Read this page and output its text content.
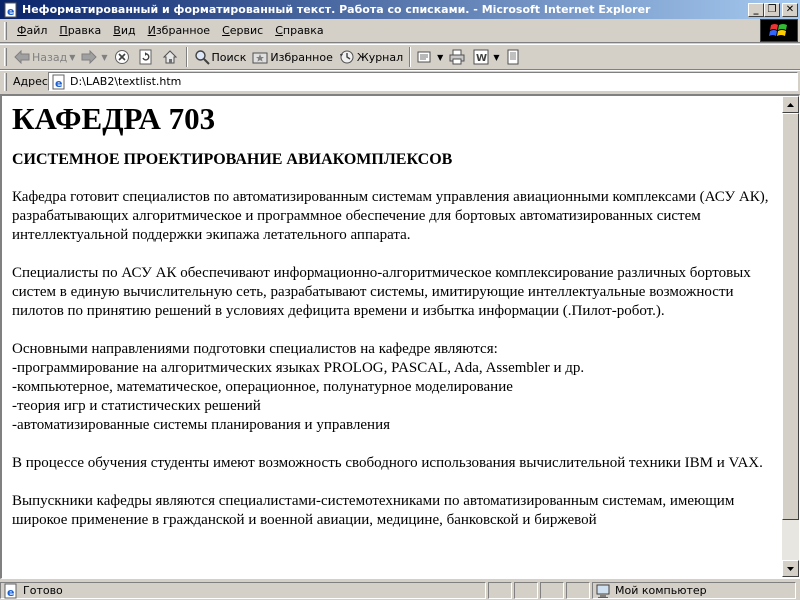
e Неформатированный и форматированный текст. Работа со списками. - Microsoft Internet Explorer	_ ❐ ✕
Файл	Правка	Вид	Избранное	Сервис	Справка
Назад ▼	▼	Поиск Избранное Журнал	▼	W ▼
Адрес e
D:\LAB2\textlist.htm
КАФЕДРА 703
СИСТЕМНОЕ ПРОЕКТИРОВАНИЕ АВИАКОМПЛЕКСОВ

Кафедра готовит специалистов по автоматизированным системам управления авиационными комплексами (АСУ АК), разрабатывающих алгоритмическое и программное обеспечение для бортовых автоматизированных систем интеллектуальной поддержки экипажа летательного аппарата.

Специалисты по АСУ АК обеспечивают информационно-алгоритмическое комплексирование различных бортовых систем в единую вычислительную сеть, разрабатывают системы, имитирующие интеллектуальные возможности пилотов по принятию решений в условиях дефицита времени и избытка информации (.Пилот-робот.).

Основными направлениями подготовки специалистов на кафедре являются:
-программирование на алгоритмических языках PROLOG, PASCAL, Ada, Assembler и др.
-компьютерное, математическое, операционное, полунатурное моделирование
-теория игр и статистических решений
-автоматизированные системы планирования и управления

В процессе обучения студенты имеют возможность свободного использования вычислительной техники IBM и VAX.

Выпускники кафедры являются специалистами-системотехниками по автоматизированным системам, имеющим широкое применение в гражданской и военной авиации, медицине, банковской и биржевой

e Готово	Мой компьютер
